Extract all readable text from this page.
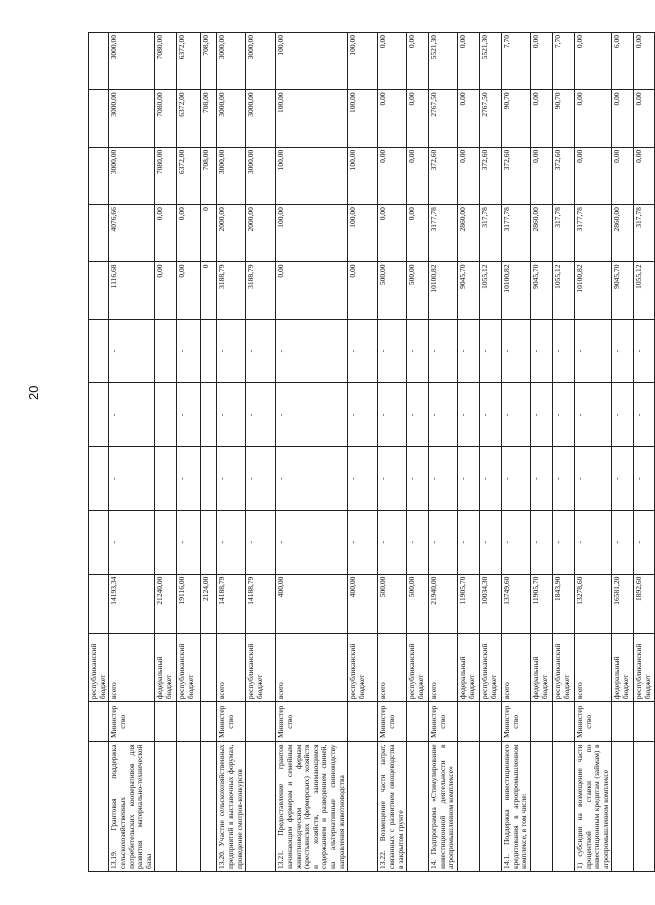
20
		республиканский бюджет										
13.19. Грантовая поддержка сельскохозяйственных потребительских кооперативов для развития материально-технической базы	Министерство	всего	14193,34	-	-	-	-	1116,68	4076,66	3000,00	3000,00	3000,00
		федеральный бюджет	21240,00					0,00	0,00	7080,00	7080,00	7080,00
		республиканский бюджет	19116,00	-	-	-	-	0,00	0,00	6372,00	6372,00	6372,00
			2124,00					0	0	708,00	708,00	708,00
13.20. Участие сельскохозяйственных предприятий в выставочных форумах, проведение смотров-конкурсов	Министерство	всего	14188,79	-	-	-	-	3188,79	2000,00	3000,00	3000,00	3000,00
		республиканский бюджет	14188,79	-	-	-	-	3188,79	2000,00	3000,00	3000,00	3000,00
13.21. Предоставление грантов начинающим фермерам и семейным животноводческим фермам (крестьянских (фермерских) хозяйств и хозяйств, занимающимся содержанием и разведением свиней, на альтернативные свиноводству направления животноводства	Министерство	всего	400,00	-	-	-	-	0,00	100,00	100,00	100,00	100,00
		республиканский бюджет	400,00	-	-	-	-	0,00	100,00	100,00	100,00	100,00
13.22. Возмещение части затрат, связанных с развитием овощеводства в закрытом грунте	Министерство	всего	500,00	-	-	-	-	500,00	0,00	0,00	0,00	0,00
		республиканский бюджет	500,00	-	-	-	-	500,00	0,00	0,00	0,00	0,00
14. Подпрограмма «Стимулирование инвестиционной деятельности в агропромышленном комплексе»	Министерство	всего	21940,00	-	-	-	-	10100,82	3177,78	372,60	2767,50	5521,30
		федеральный бюджет	11905,70	-	-	-	-	9045,70	2860,00	0,00	0,00	0,00
		республиканский бюджет	10034,30	-	-	-	-	1055,12	317,78	372,60	2767,50	5521,30
14.1. Поддержка инвестиционного кредитования в агропромышленном комплексе, в том числе:	Министерство	всего	13749,60	-	-	-	-	10100,82	3177,78	372,60	90,70	7,70
		федеральный бюджет	11905,70	-	-	-	-	9045,70	2860,00	0,00	0,00	0,00
		республиканский бюджет	1843,90	-	-	-	-	1055,12	317,78	372,60	90,70	7,70
1) субсидии на возмещение части процентной ставки по инвестиционным кредитам (займам) в агропромышленном комплексе	Министерство	всего	13278,60	-	-	-	-	10100,82	3177,78	0,00	0,00	0,00
		федеральный бюджет	16581,20	-	-	-	-	9045,70	2860,00	0,00	0,00	6,00
		республиканский бюджет	1892,60	-	-	-	-	1055,12	317,78	0,00	0,00	0,00
